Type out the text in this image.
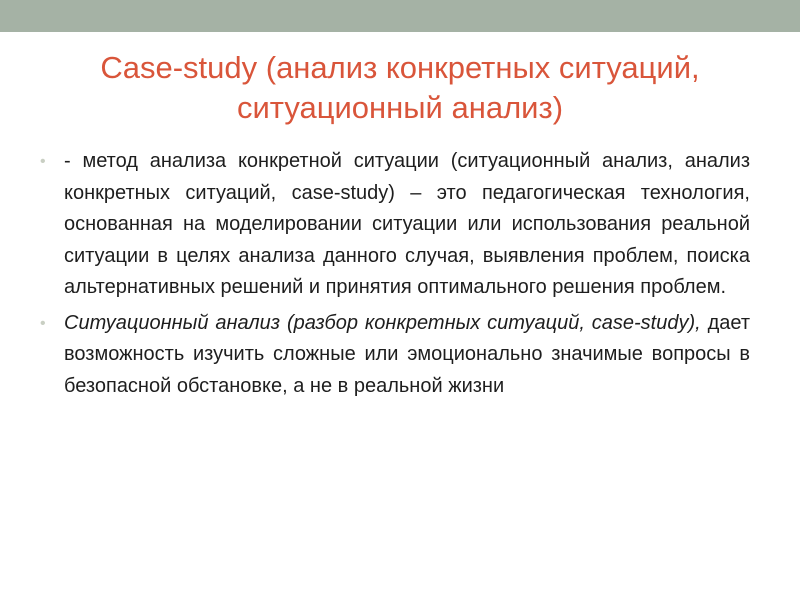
Case-study (анализ конкретных ситуаций, ситуационный анализ)
• - метод анализа конкретной ситуации (ситуационный анализ, анализ конкретных ситуаций, case-study) – это педагогическая технология, основанная на моделировании ситуации или использования реальной ситуации в целях анализа данного случая, выявления проблем, поиска альтернативных решений и принятия оптимального решения проблем.
• Ситуационный анализ (разбор конкретных ситуаций, case-study), дает возможность изучить сложные или эмоционально значимые вопросы в безопасной обстановке, а не в реальной жизни
